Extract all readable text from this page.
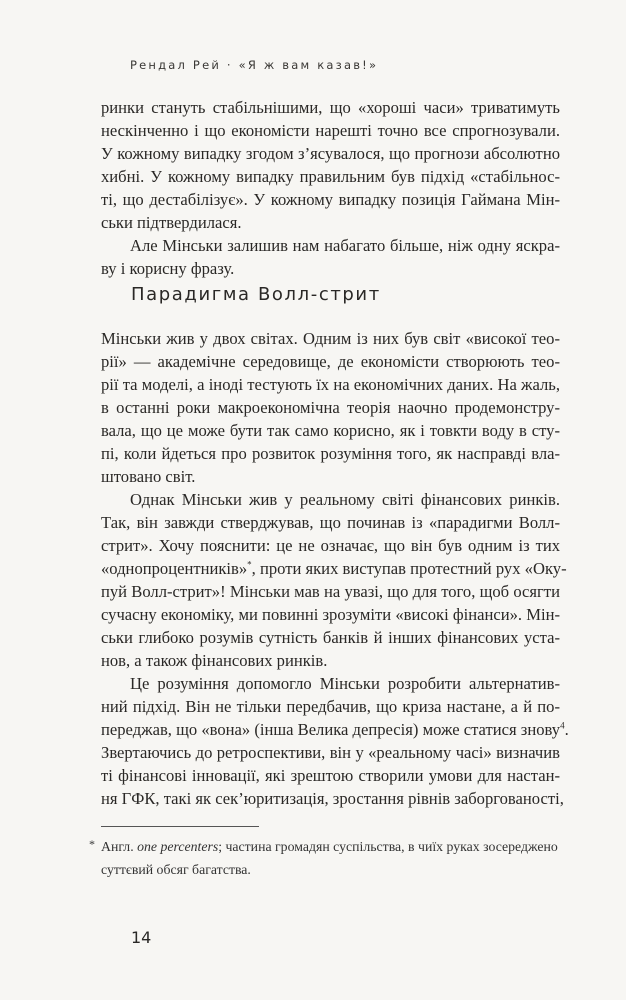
Рендал Рей · «Я ж вам казав!»
ринки стануть стабільнішими, що «хороші часи» триватимуть
нескінченно і що економісти нарешті точно все спрогнозували.
У кожному випадку згодом з’ясувалося, що прогнози абсолютно
хибні. У кожному випадку правильним був підхід «стабільнос-
ті, що дестабілізує». У кожному випадку позиція Гаймана Мін-
ськи підтвердилася.
Але Мінськи залишив нам набагато більше, ніж одну яскра-
ву і корисну фразу.
Парадигма Волл-стрит
Мінськи жив у двох світах. Одним із них був світ «високої тео-
рії» — академічне середовище, де економісти створюють тео-
рії та моделі, а іноді тестують їх на економічних даних. На жаль,
в останні роки макроекономічна теорія наочно продемонстру-
вала, що це може бути так само корисно, як і товкти воду в сту-
пі, коли йдеться про розвиток розуміння того, як насправді вла-
штовано світ.
Однак Мінськи жив у реальному світі фінансових ринків.
Так, він завжди стверджував, що починав із «парадигми Волл-
стрит». Хочу пояснити: це не означає, що він був одним із тих
«однопроцентників»* , проти яких виступав протестний рух «Оку-
пуй Волл-стрит»! Мінськи мав на увазі, що для того, щоб осягти
сучасну економіку, ми повинні зрозуміти «високі фінанси». Мін-
ськи глибоко розумів сутність банків й інших фінансових уста-
нов, а також фінансових ринків.
Це розуміння допомогло Мінськи розробити альтернатив-
ний підхід. Він не тільки передбачив, що криза настане, а й по-
переджав, що «вона» (інша Велика депресія) може статися знову$^4$.
Звертаючись до ретроспективи, він у «реальному часі» визначив
ті фінансові інновації, які зрештою створили умови для настан-
ня ГФК, такі як сек’юритизація, зростання рівнів заборгованості,
* Англ. one percenters; частина громадян суспільства, в чиїх руках зосереджено
суттєвий обсяг багатства.
14
